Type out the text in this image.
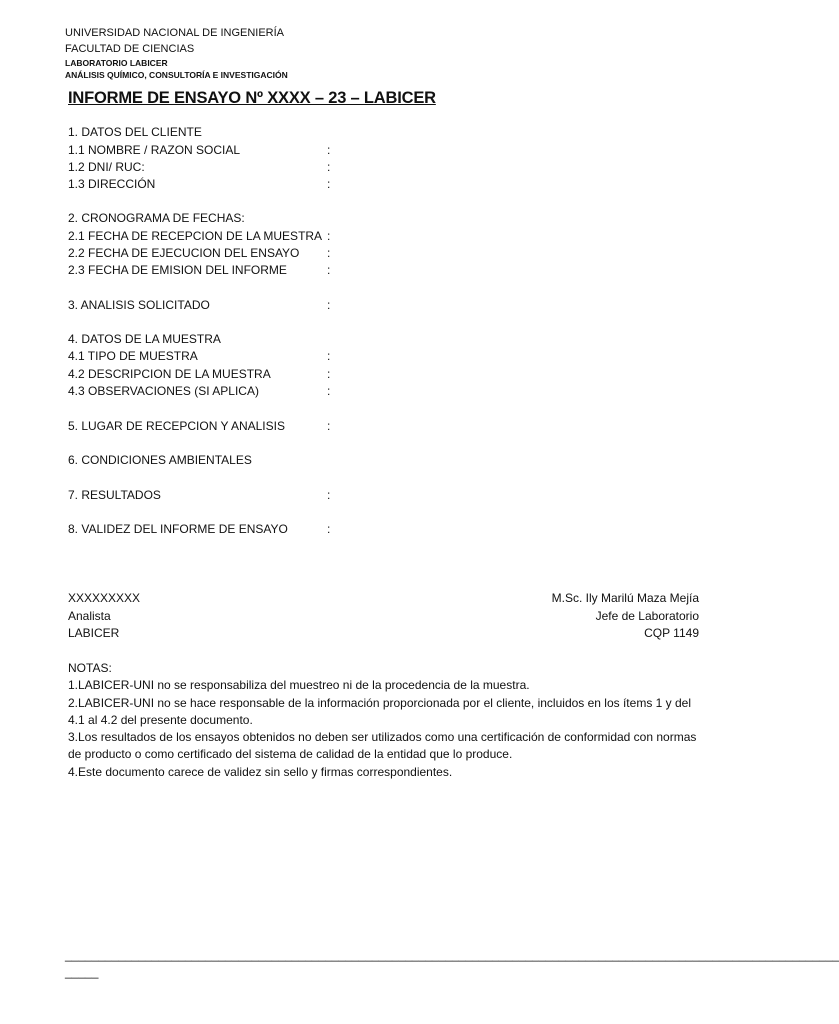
UNIVERSIDAD NACIONAL DE INGENIERÍA
FACULTAD DE CIENCIAS
LABORATORIO LABICER
ANÁLISIS QUÍMICO, CONSULTORÍA E INVESTIGACIÓN
INFORME DE ENSAYO Nº XXXX – 23 – LABICER
1. DATOS DEL CLIENTE
1.1 NOMBRE / RAZON SOCIAL	:
1.2 DNI/ RUC:	:
1.3 DIRECCIÓN	:
2. CRONOGRAMA DE FECHAS:
2.1 FECHA DE RECEPCION DE LA MUESTRA :
2.2 FECHA DE EJECUCION DEL ENSAYO :
2.3 FECHA DE EMISION DEL INFORME	:
3. ANALISIS SOLICITADO	:
4. DATOS DE LA MUESTRA
4.1 TIPO DE MUESTRA	:
4.2 DESCRIPCION DE LA MUESTRA	:
4.3 OBSERVACIONES (SI APLICA)	:
5. LUGAR DE RECEPCION Y ANALISIS	:
6. CONDICIONES AMBIENTALES
7. RESULTADOS	:
8. VALIDEZ DEL INFORME DE ENSAYO	:
XXXXXXXXX
Analista
LABICER
M.Sc. Ily Marilú Maza Mejía
Jefe de Laboratorio
CQP 1149
NOTAS:
1.LABICER-UNI no se responsabiliza del muestreo ni de la procedencia de la muestra.
2.LABICER-UNI no se hace responsable de la información proporcionada por el cliente, incluidos en los ítems 1 y del 4.1 al 4.2 del presente documento.
3.Los resultados de los ensayos obtenidos no deben ser utilizados como una certificación de conformidad con normas de producto o como certificado del sistema de calidad de la entidad que lo produce.
4.Este documento carece de validez sin sello y firmas correspondientes.
____________________________________________________________________________________________________________________
_____
